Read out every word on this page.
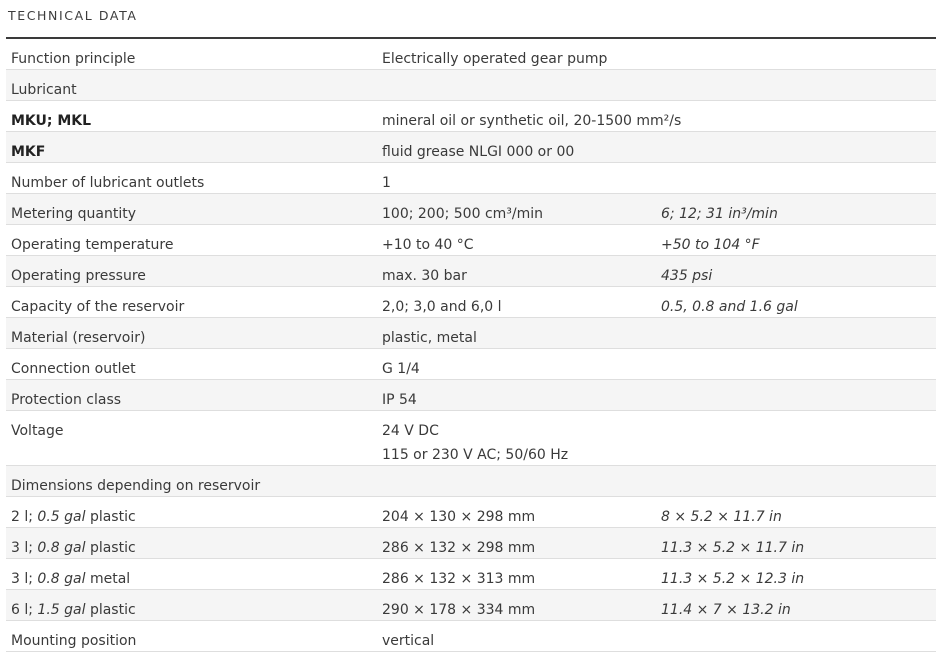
TECHNICAL DATA
Function principle	Electrically operated gear pump
Lubricant
MKU; MKL	mineral oil or synthetic oil, 20-1500 mm²/s
MKF	fluid grease NLGI 000 or 00
Number of lubricant outlets	1
Metering quantity	100; 200; 500 cm³/min	6; 12; 31 in³/min
Operating temperature	+10 to 40 °C	+50 to 104 °F
Operating pressure	max. 30 bar	435 psi
Capacity of the reservoir	2,0; 3,0 and 6,0 l	0.5, 0.8 and 1.6 gal
Material (reservoir)	plastic, metal
Connection outlet	G 1/4
Protection class	IP 54
Voltage	24 V DC
115 or 230 V AC; 50/60 Hz
Dimensions depending on reservoir
2 l; 0.5 gal plastic	204 × 130 × 298 mm	8 × 5.2 × 11.7 in
3 l; 0.8 gal plastic	286 × 132 × 298 mm	11.3 × 5.2 × 11.7 in
3 l; 0.8 gal metal	286 × 132 × 313 mm	11.3 × 5.2 × 12.3 in
6 l; 1.5 gal plastic	290 × 178 × 334 mm	11.4 × 7 × 13.2 in
Mounting position	vertical
